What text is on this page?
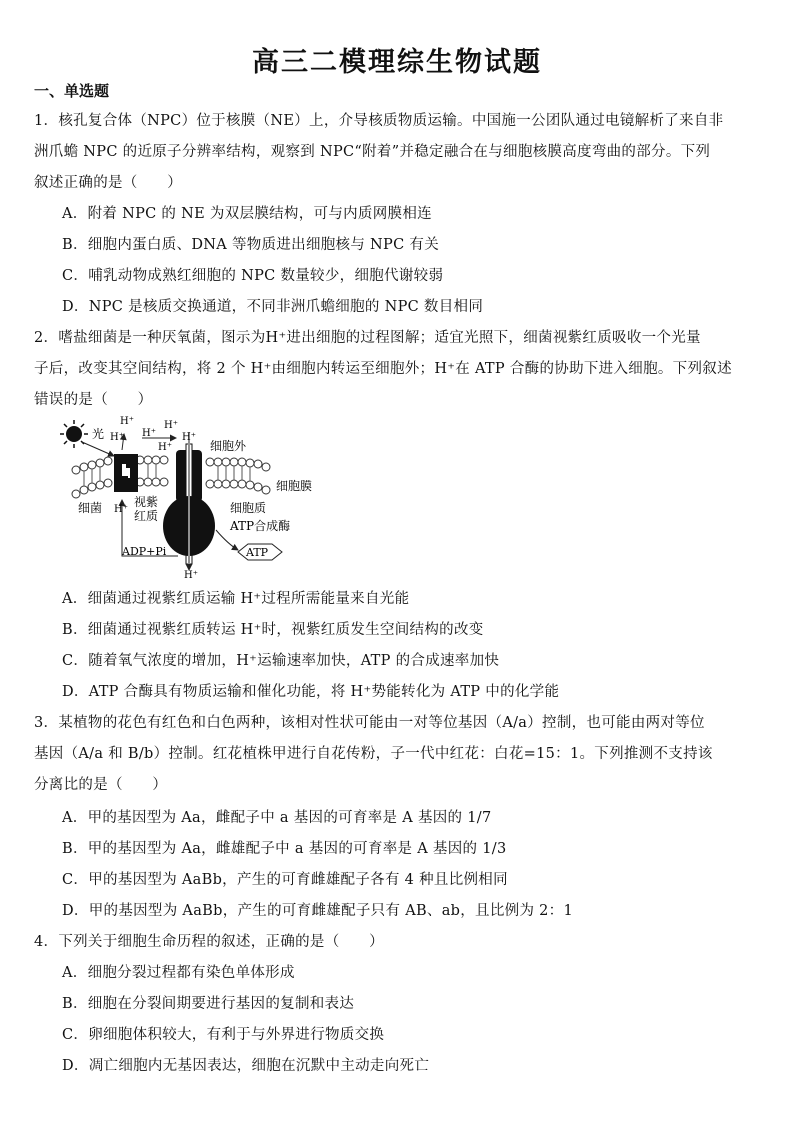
高三二模理综生物试题
一、单选题
1．核孔复合体（NPC）位于核膜（NE）上，介导核质物质运输。中国施一公团队通过电镜解析了来自非
洲爪蟾 NPC 的近原子分辨率结构，观察到 NPC“附着”并稳定融合在与细胞核膜高度弯曲的部分。下列
叙述正确的是（　　）
A．附着 NPC 的 NE 为双层膜结构，可与内质网膜相连
B．细胞内蛋白质、DNA 等物质进出细胞核与 NPC 有关
C．哺乳动物成熟红细胞的 NPC 数量较少，细胞代谢较弱
D．NPC 是核质交换通道，不同非洲爪蟾细胞的 NPC 数目相同
2．嗜盐细菌是一种厌氧菌，图示为H⁺进出细胞的过程图解；适宜光照下，细菌视紫红质吸收一个光量
子后，改变其空间结构，将 2 个 H⁺由细胞内转运至细胞外；H⁺在 ATP 合酶的协助下进入细胞。下列叙述
错误的是（　　）
光
H⁺
H⁺ H⁺
H⁺
H⁺
H⁺
细胞外
细胞膜
细菌 H⁺
视紫
红质
细胞质
ATP合成酶
ADP+Pi	ATP
H⁺
A．细菌通过视紫红质运输 H⁺过程所需能量来自光能
B．细菌通过视紫红质转运 H⁺时，视紫红质发生空间结构的改变
C．随着氧气浓度的增加，H⁺运输速率加快，ATP 的合成速率加快
D．ATP 合酶具有物质运输和催化功能，将 H⁺势能转化为 ATP 中的化学能
3．某植物的花色有红色和白色两种，该相对性状可能由一对等位基因（A/a）控制，也可能由两对等位
基因（A/a 和 B/b）控制。红花植株甲进行自花传粉，子一代中红花：白花=15：1。下列推测不支持该
分离比的是（　　）
A．甲的基因型为 Aa，雌配子中 a 基因的可育率是 A 基因的 1/7
B．甲的基因型为 Aa，雌雄配子中 a 基因的可育率是 A 基因的 1/3
C．甲的基因型为 AaBb，产生的可育雌雄配子各有 4 种且比例相同
D．甲的基因型为 AaBb，产生的可育雌雄配子只有 AB、ab，且比例为 2：1
4．下列关于细胞生命历程的叙述，正确的是（　　）
A．细胞分裂过程都有染色单体形成
B．细胞在分裂间期要进行基因的复制和表达
C．卵细胞体积较大，有利于与外界进行物质交换
D．凋亡细胞内无基因表达，细胞在沉默中主动走向死亡
